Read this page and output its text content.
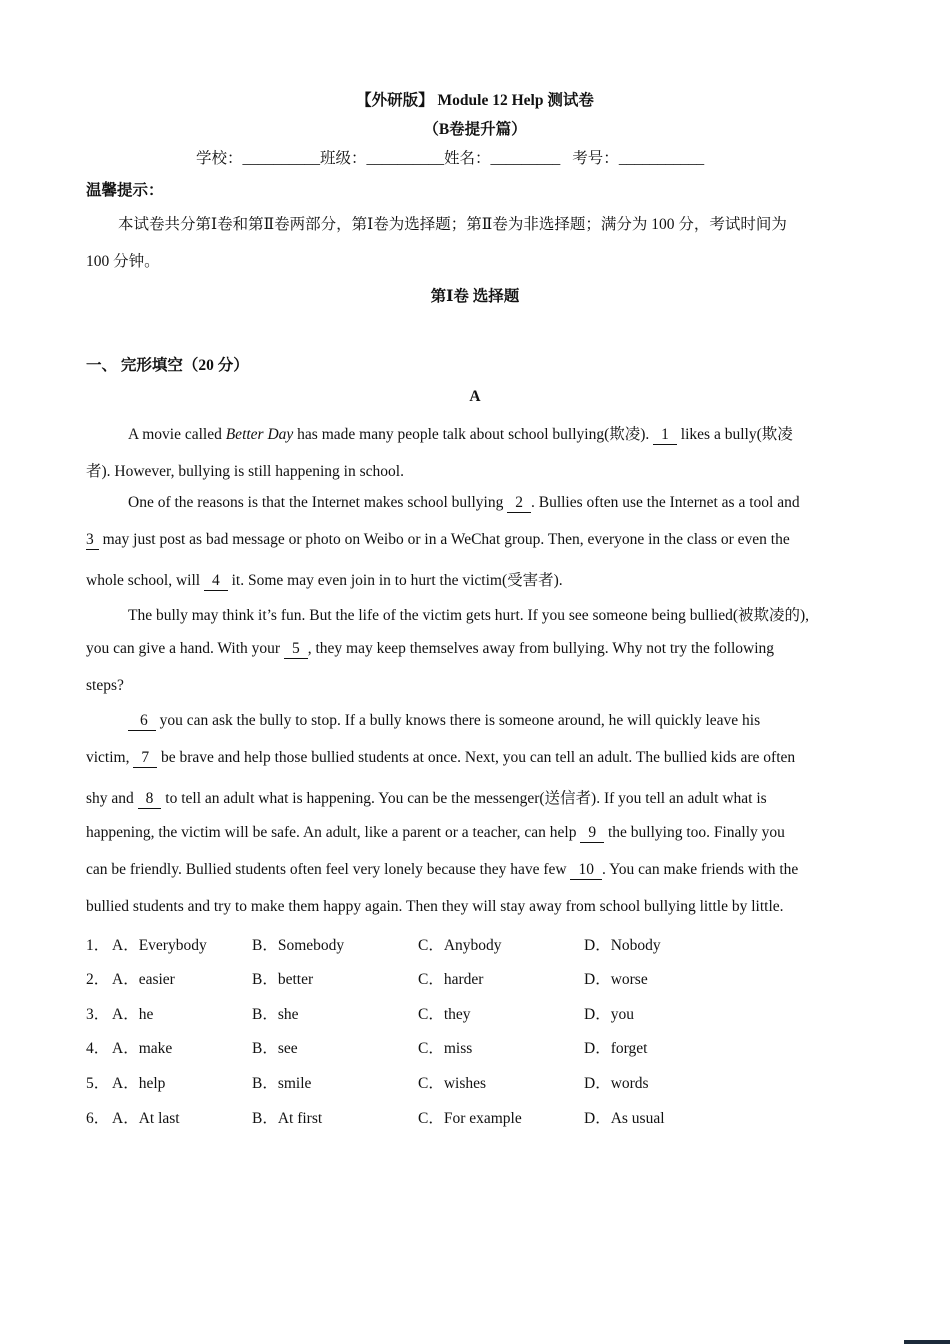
【外研版】 Module 12 Help 测试卷
（B卷提升篇）
学校：__________班级：__________姓名：_________ 考号：___________
温馨提示：
本试卷共分第Ⅰ卷和第Ⅱ卷两部分，第Ⅰ卷为选择题；第Ⅱ卷为非选择题；满分为 100 分，考试时间为
100 分钟。
第Ⅰ卷 选择题
一、 完形填空（20 分）
A
A movie called Better Day has made many people talk about school bullying(欺凌). 1 likes a bully(欺凌
者). However, bullying is still happening in school.
One of the reasons is that the Internet makes school bullying 2 . Bullies often use the Internet as a tool and
3 may just post as bad message or photo on Weibo or in a WeChat group. Then, everyone in the class or even the
whole school, will 4 it. Some may even join in to hurt the victim(受害者).
The bully may think it’s fun. But the life of the victim gets hurt. If you see someone being bullied(被欺凌的),
you can give a hand. With your 5 , they may keep themselves away from bullying. Why not try the following
steps?
6 you can ask the bully to stop. If a bully knows there is someone around, he will quickly leave his
victim, 7 be brave and help those bullied students at once. Next, you can tell an adult. The bullied kids are often
shy and 8 to tell an adult what is happening. You can be the messenger(送信者). If you tell an adult what is
happening, the victim will be safe. An adult, like a parent or a teacher, can help 9 the bullying too. Finally you
can be friendly. Bullied students often feel very lonely because they have few 10 . You can make friends with the
bullied students and try to make them happy again. Then they will stay away from school bullying little by little.
1． A．Everybody	B．Somebody	C．Anybody	D．Nobody
2． A．easier	B．better	C．harder	D．worse
3． A．he	B．she	C．they	D．you
4． A．make	B．see	C．miss	D．forget
5． A．help	B．smile	C．wishes	D．words
6． A．At last	B．At first	C．For example	D．As usual
